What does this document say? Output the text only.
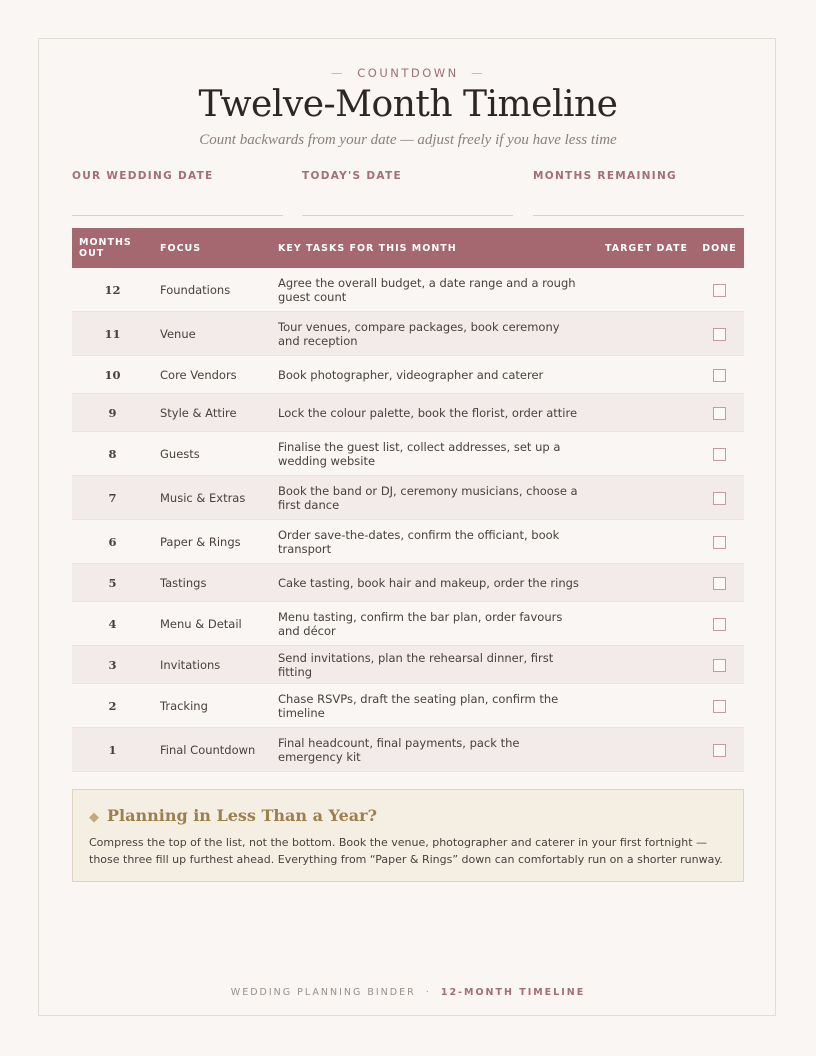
— COUNTDOWN —
Twelve-Month Timeline
Count backwards from your date — adjust freely if you have less time
OUR WEDDING DATE	TODAY'S DATE	MONTHS REMAINING
MONTHS OUT	FOCUS	KEY TASKS FOR THIS MONTH	TARGET DATE	DONE
12	Foundations	Agree the overall budget, a date range and a rough guest count		
11	Venue	Tour venues, compare packages, book ceremony and reception		
10	Core Vendors	Book photographer, videographer and caterer		
9	Style & Attire	Lock the colour palette, book the florist, order attire		
8	Guests	Finalise the guest list, collect addresses, set up a wedding website		
7	Music & Extras	Book the band or DJ, ceremony musicians, choose a first dance		
6	Paper & Rings	Order save-the-dates, confirm the officiant, book transport		
5	Tastings	Cake tasting, book hair and makeup, order the rings		
4	Menu & Detail	Menu tasting, confirm the bar plan, order favours and décor		
3	Invitations	Send invitations, plan the rehearsal dinner, first fitting		
2	Tracking	Chase RSVPs, draft the seating plan, confirm the timeline		
1	Final Countdown	Final headcount, final payments, pack the emergency kit		
◆ Planning in Less Than a Year?
Compress the top of the list, not the bottom. Book the venue, photographer and caterer in your first fortnight — those three fill up furthest ahead. Everything from “Paper & Rings” down can comfortably run on a shorter runway.
WEDDING PLANNING BINDER · 12-MONTH TIMELINE
